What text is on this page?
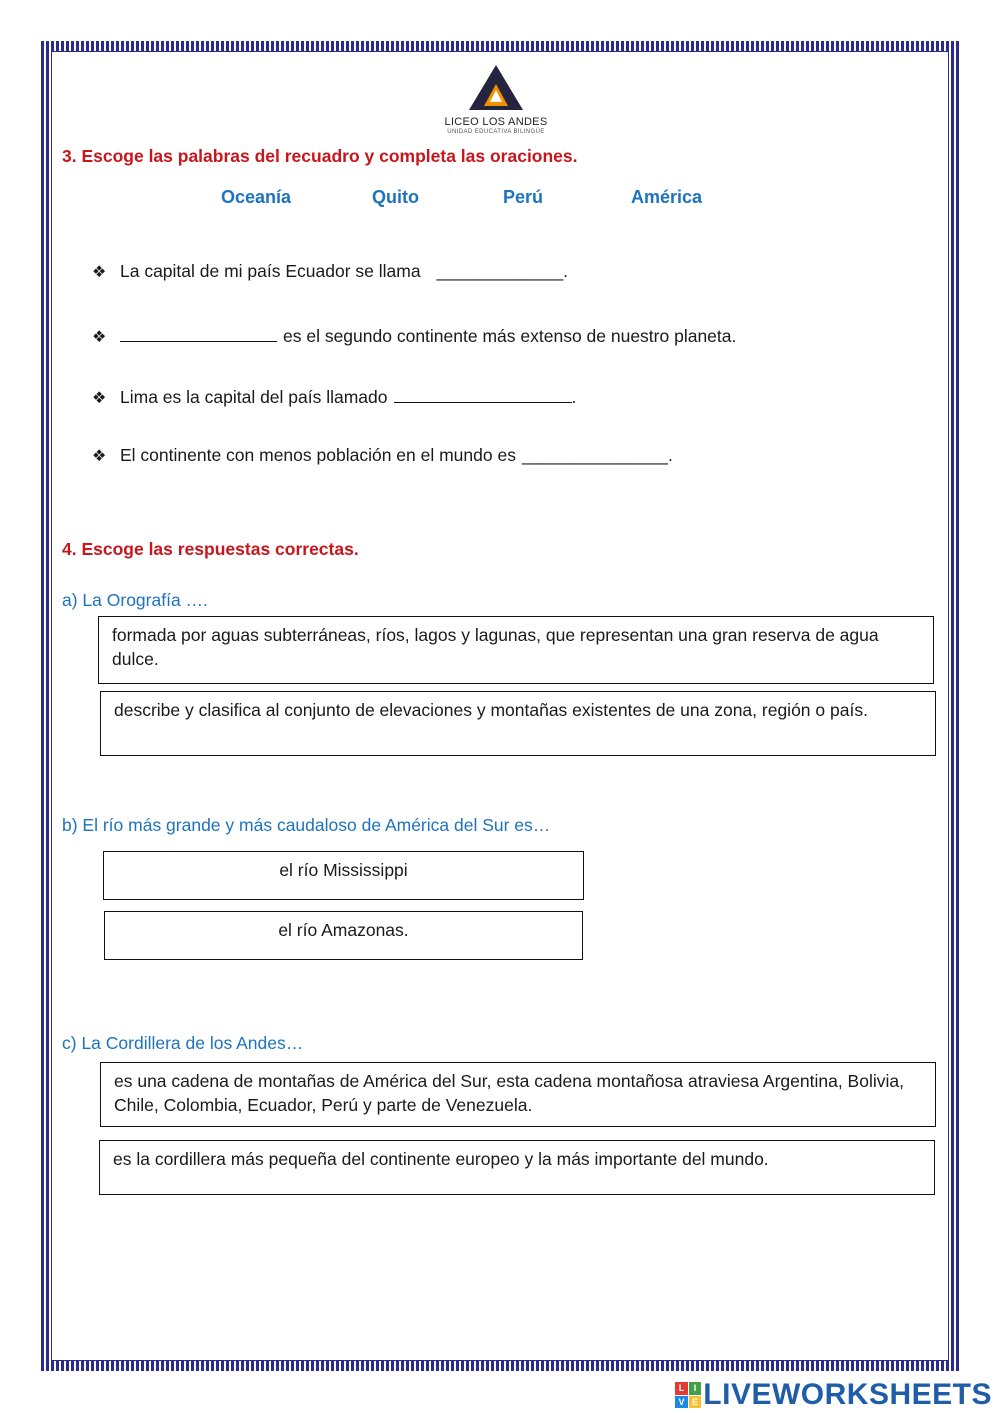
LICEO LOS ANDES
UNIDAD EDUCATIVA BILINGÜE
3. Escoge las palabras del recuadro y completa las oraciones.
Oceanía	Quito	Perú	América
❖ La capital de mi país Ecuador se llama _____________ .
❖	es el segundo continente más extenso de nuestro planeta.
❖ Lima es la capital del país llamado	.
❖ El continente con menos población en el mundo es _______________ .
4. Escoge las respuestas correctas.
a) La Orografía ….
formada por aguas subterráneas, ríos, lagos y lagunas, que representan una gran reserva de agua dulce.
describe y clasifica al conjunto de elevaciones y montañas existentes de una zona, región o país.
b) El río más grande y más caudaloso de América del Sur es…
el río Mississippi
el río Amazonas.
c) La Cordillera de los Andes…
es una cadena de montañas de América del Sur, esta cadena montañosa atraviesa Argentina, Bolivia, Chile, Colombia, Ecuador, Perú y parte de Venezuela.
es la cordillera más pequeña del continente europeo y la más importante del mundo.
L	I
V E LIVEWORKSHEETS
